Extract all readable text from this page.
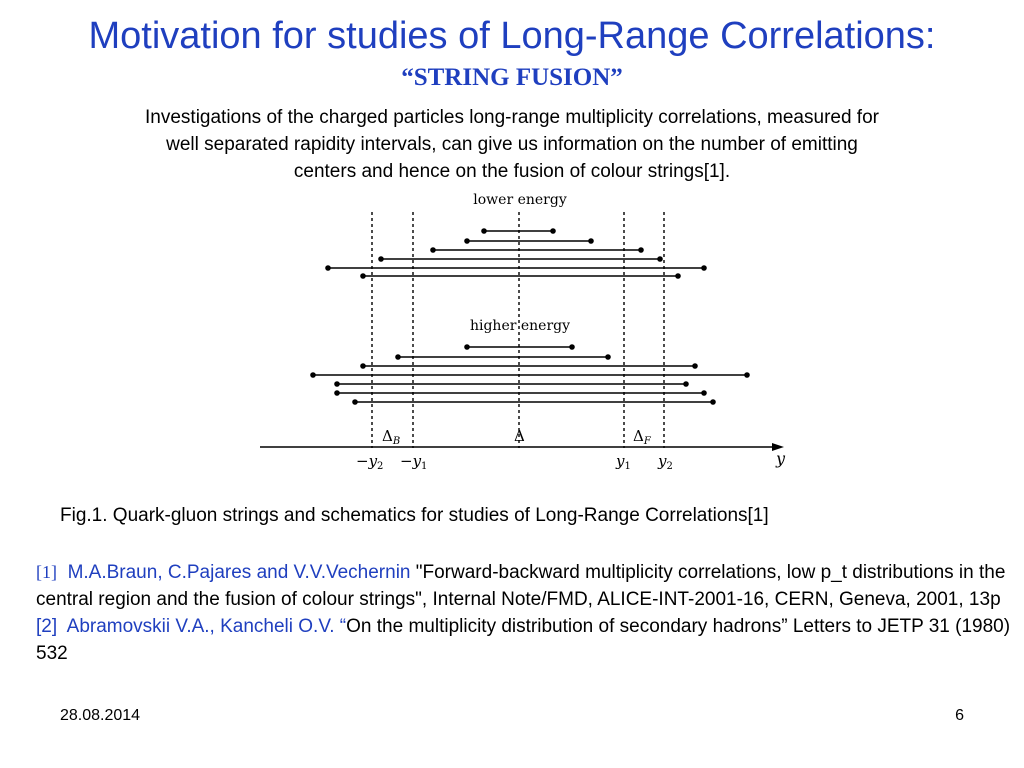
Motivation for studies of Long-Range Correlations:
“STRING FUSION”
Investigations of the charged particles long-range multiplicity correlations, measured for
well separated rapidity intervals, can give us information on the number of emitting
centers and hence on the fusion of colour strings[1].
lower energy
higher energy
$\Delta_B$	Δ	$\Delta_F$
$-y_2 -y_1$	$y_1$ $y_2$	y
Fig.1. Quark-gluon strings and schematics for studies of Long-Range Correlations[1]
[1] M.A.Braun, C.Pajares and V.V.Vechernin "Forward-backward multiplicity correlations, low p_t distributions in the central region and the fusion of colour strings", Internal Note/FMD, ALICE-INT-2001-16, CERN, Geneva, 2001, 13p
[2] Abramovskii V.A., Kancheli O.V. “On the multiplicity distribution of secondary hadrons” Letters to JETP 31 (1980) 532
28.08.2014	6
